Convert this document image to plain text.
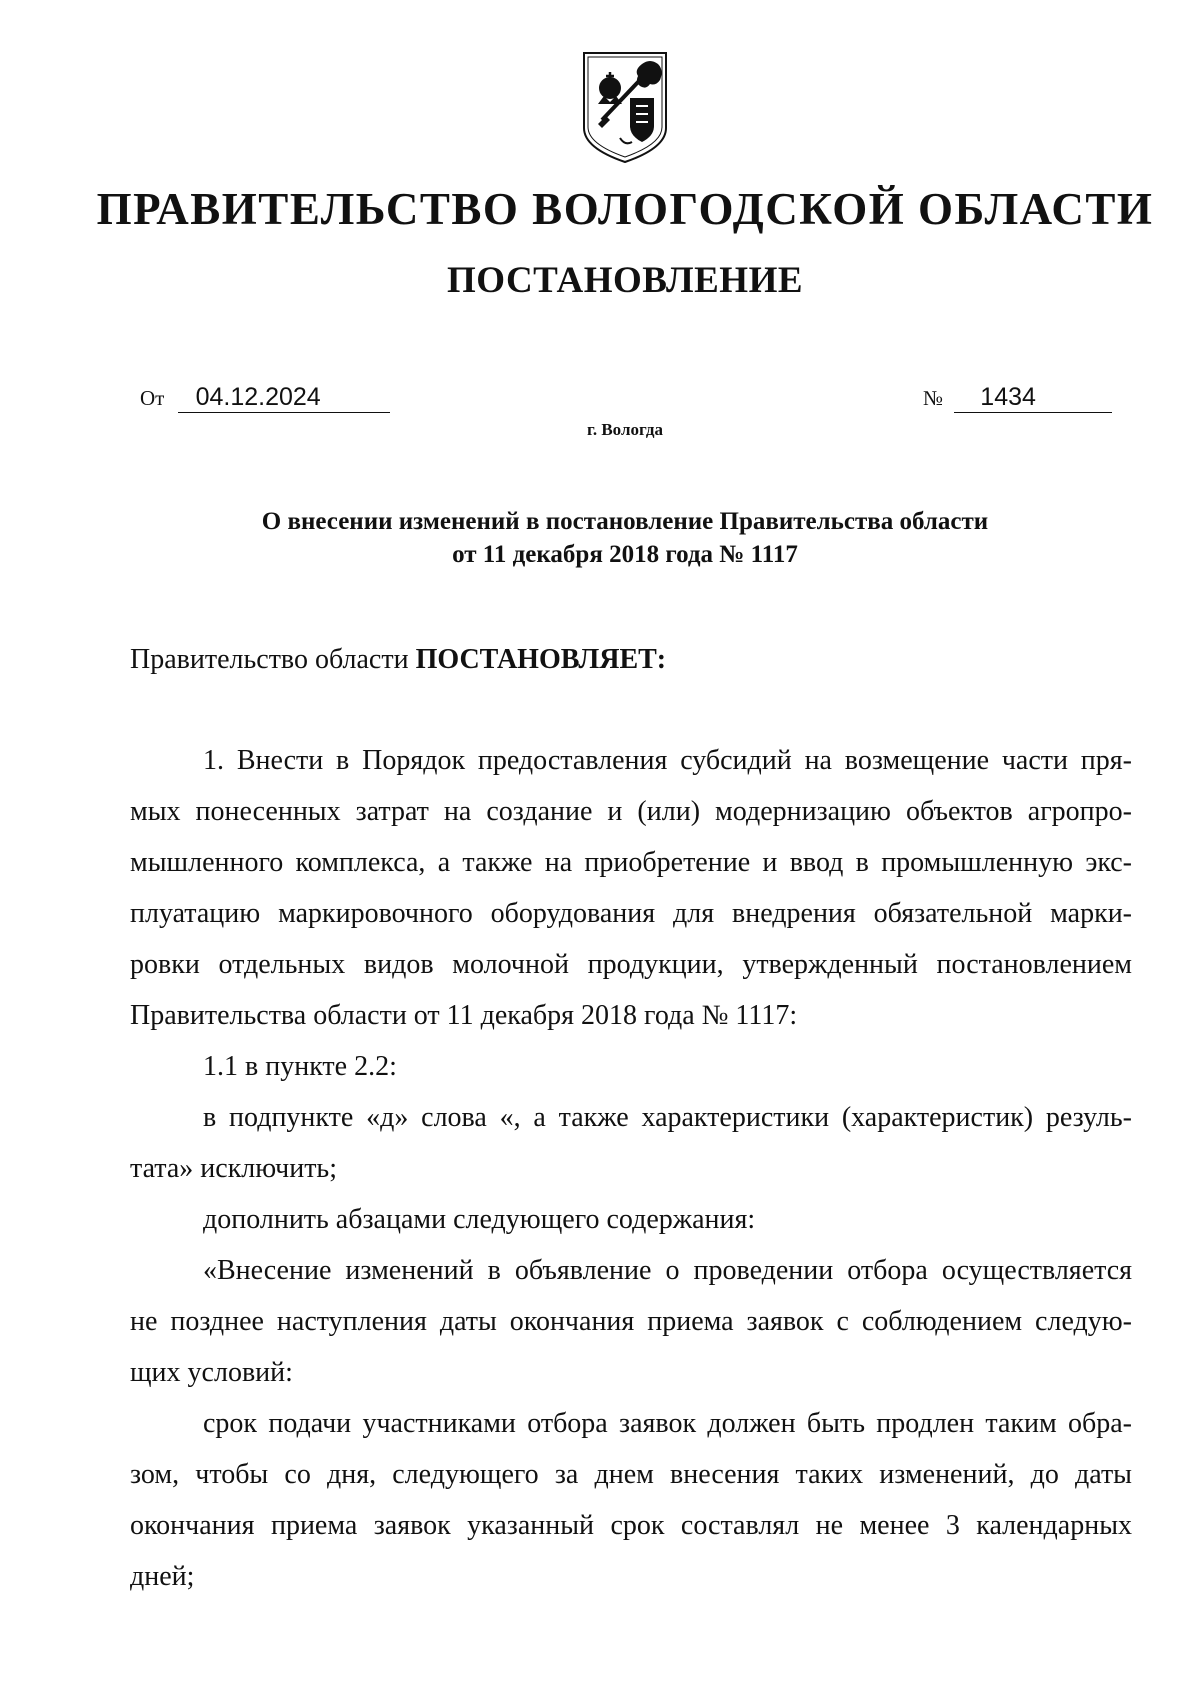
ПРАВИТЕЛЬСТВО ВОЛОГОДСКОЙ ОБЛАСТИ
ПОСТАНОВЛЕНИЕ
От 04.12.2024	№ 1434
г. Вологда
О внесении изменений в постановление Правительства области
от 11 декабря 2018 года № 1117
Правительство области ПОСТАНОВЛЯЕТ:
1. Внести в Порядок предоставления субсидий на возмещение части пря-
мых понесенных затрат на создание и (или) модернизацию объектов агропро-
мышленного комплекса, а также на приобретение и ввод в промышленную экс-
плуатацию маркировочного оборудования для внедрения обязательной марки-
ровки отдельных видов молочной продукции, утвержденный постановлением
Правительства области от 11 декабря 2018 года № 1117:
1.1 в пункте 2.2:
в подпункте «д» слова «, а также характеристики (характеристик) резуль-
тата» исключить;
дополнить абзацами следующего содержания:
«Внесение изменений в объявление о проведении отбора осуществляется
не позднее наступления даты окончания приема заявок с соблюдением следую-
щих условий:
срок подачи участниками отбора заявок должен быть продлен таким обра-
зом, чтобы со дня, следующего за днем внесения таких изменений, до даты
окончания приема заявок указанный срок составлял не менее 3 календарных
дней;
